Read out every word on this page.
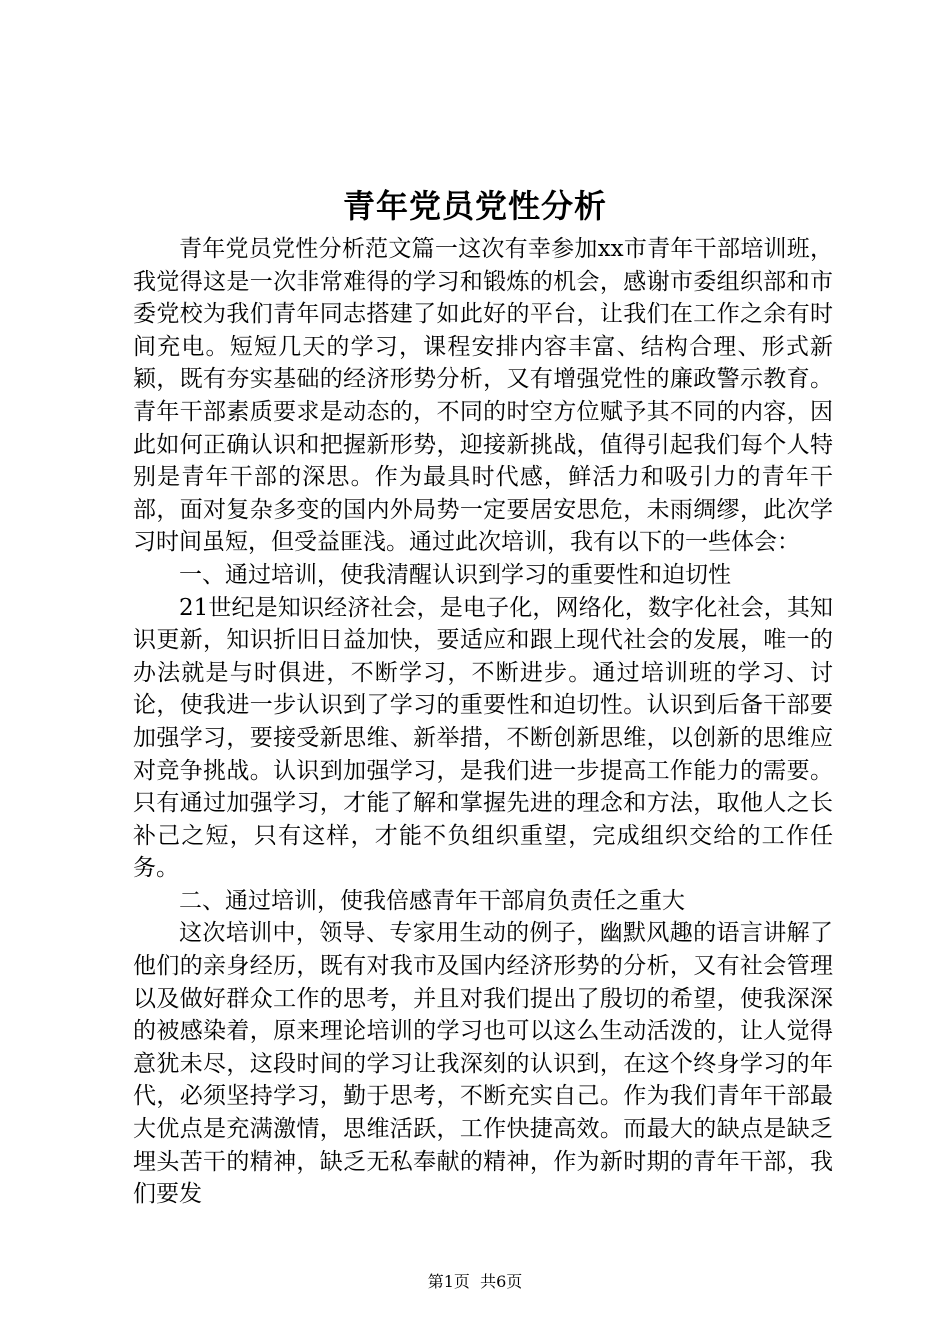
青年党员党性分析

青年党员党性分析范文篇一这次有幸参加xx市青年干部培训班，我觉得这是一次非常难得的学习和锻炼的机会，感谢市委组织部和市委党校为我们青年同志搭建了如此好的平台，让我们在工作之余有时间充电。短短几天的学习，课程安排内容丰富、结构合理、形式新颖，既有夯实基础的经济形势分析，又有增强党性的廉政警示教育。青年干部素质要求是动态的，不同的时空方位赋予其不同的内容，因此如何正确认识和把握新形势，迎接新挑战，值得引起我们每个人特别是青年干部的深思。作为最具时代感，鲜活力和吸引力的青年干部，面对复杂多变的国内外局势一定要居安思危，未雨绸缪，此次学习时间虽短，但受益匪浅。通过此次培训，我有以下的一些体会：

一、通过培训，使我清醒认识到学习的重要性和迫切性

21世纪是知识经济社会，是电子化，网络化，数字化社会，其知识更新，知识折旧日益加快，要适应和跟上现代社会的发展，唯一的办法就是与时俱进，不断学习，不断进步。通过培训班的学习、讨论，使我进一步认识到了学习的重要性和迫切性。认识到后备干部要加强学习，要接受新思维、新举措，不断创新思维，以创新的思维应对竞争挑战。认识到加强学习，是我们进一步提高工作能力的需要。只有通过加强学习，才能了解和掌握先进的理念和方法，取他人之长补己之短，只有这样，才能不负组织重望，完成组织交给的工作任务。

二、通过培训，使我倍感青年干部肩负责任之重大

这次培训中，领导、专家用生动的例子，幽默风趣的语言讲解了他们的亲身经历，既有对我市及国内经济形势的分析，又有社会管理以及做好群众工作的思考，并且对我们提出了殷切的希望，使我深深的被感染着，原来理论培训的学习也可以这么生动活泼的，让人觉得意犹未尽，这段时间的学习让我深刻的认识到，在这个终身学习的年代，必须坚持学习，勤于思考，不断充实自己。作为我们青年干部最大优点是充满激情，思维活跃，工作快捷高效。而最大的缺点是缺乏埋头苦干的精神，缺乏无私奉献的精神，作为新时期的青年干部，我们要发

第1页 共6页
